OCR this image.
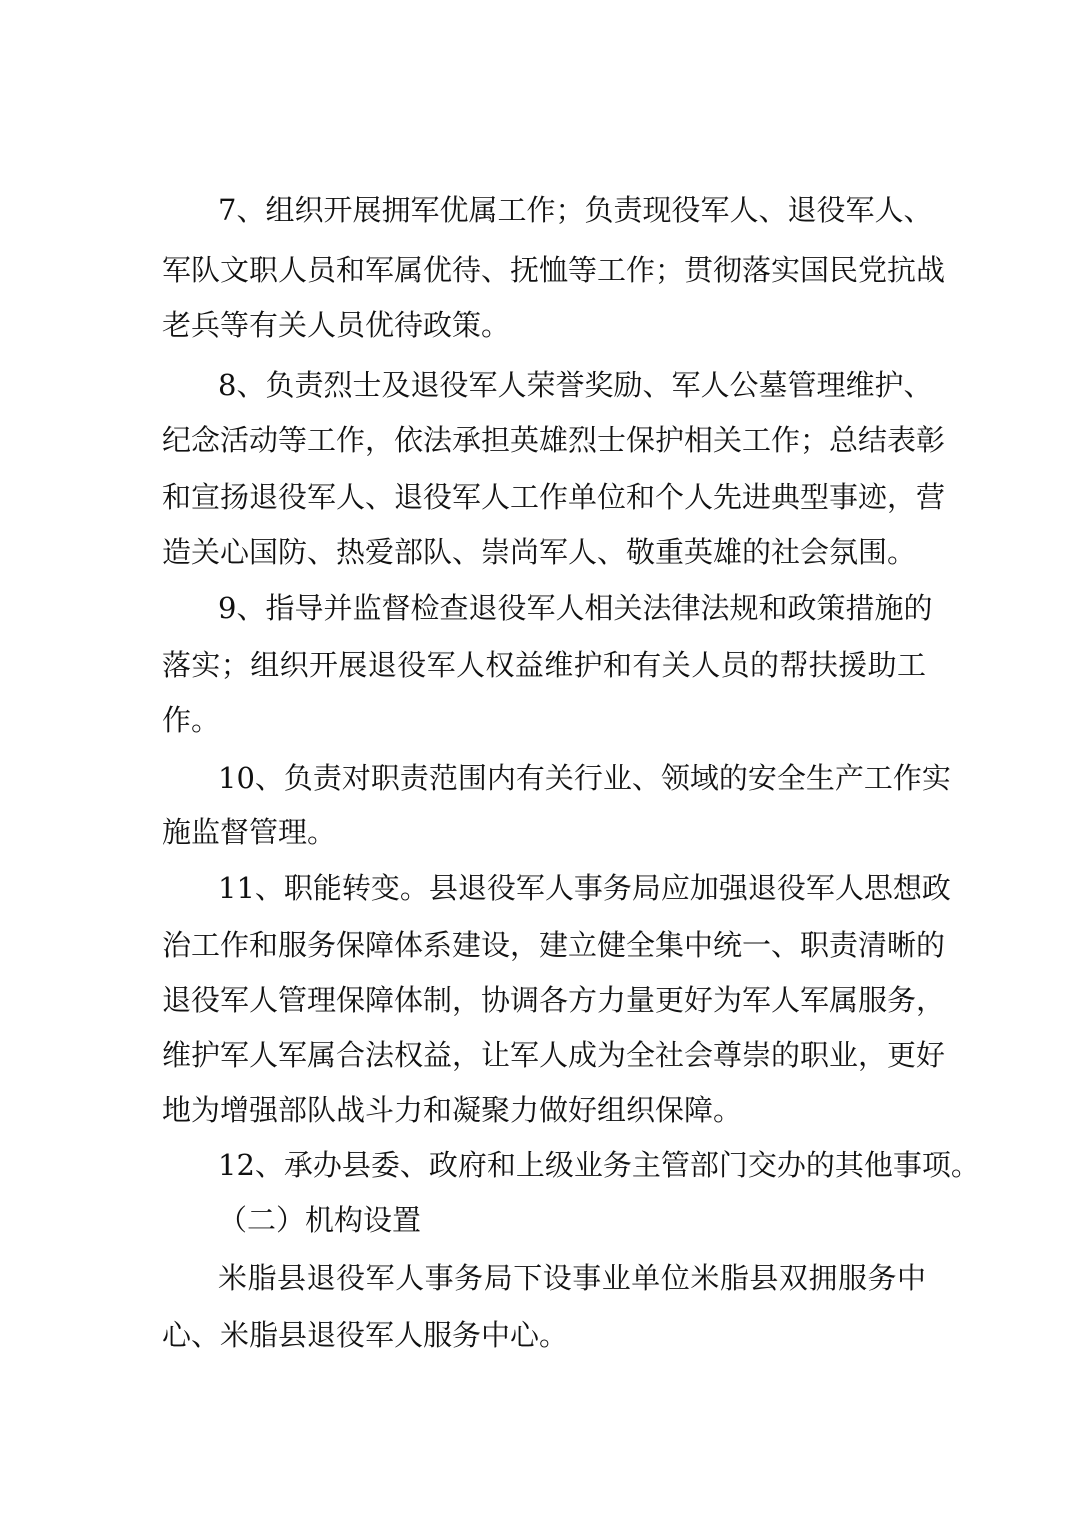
7、组织开展拥军优属工作；负责现役军人、退役军人、

军队文职人员和军属优待、抚恤等工作；贯彻落实国民党抗战

老兵等有关人员优待政策。

8、负责烈士及退役军人荣誉奖励、军人公墓管理维护、

纪念活动等工作，依法承担英雄烈士保护相关工作；总结表彰

和宣扬退役军人、退役军人工作单位和个人先进典型事迹，营

造关心国防、热爱部队、崇尚军人、敬重英雄的社会氛围。

9、指导并监督检查退役军人相关法律法规和政策措施的

落实；组织开展退役军人权益维护和有关人员的帮扶援助工

作。

10、负责对职责范围内有关行业、领域的安全生产工作实

施监督管理。

11、职能转变。县退役军人事务局应加强退役军人思想政

治工作和服务保障体系建设，建立健全集中统一、职责清晰的

退役军人管理保障体制，协调各方力量更好为军人军属服务，

维护军人军属合法权益，让军人成为全社会尊崇的职业，更好

地为增强部队战斗力和凝聚力做好组织保障。

12、承办县委、政府和上级业务主管部门交办的其他事项。

（二）机构设置

米脂县退役军人事务局下设事业单位米脂县双拥服务中

心、米脂县退役军人服务中心。
